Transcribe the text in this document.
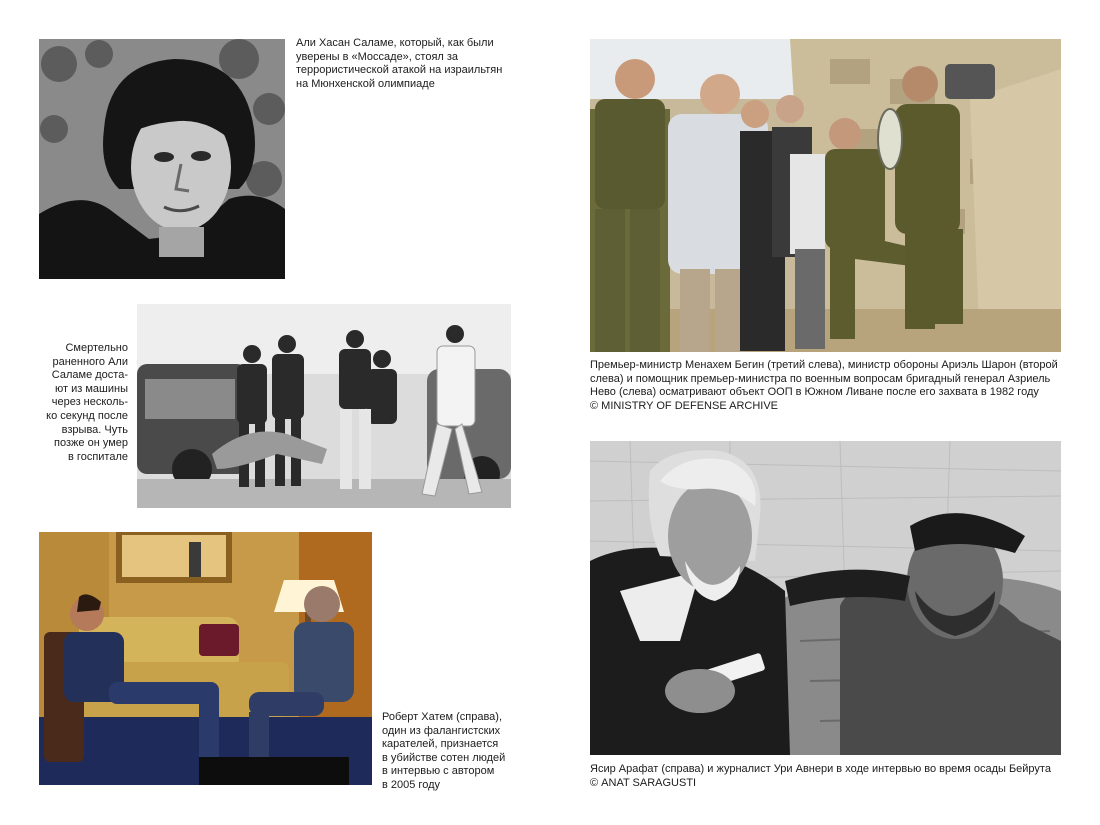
Али Хасан Саламе, который, как были
уверены в «Моссаде», стоял за
террористической атакой на израильтян
на Мюнхенской олимпиаде
Смертельно
раненного Али
Саламе доста-
ют из машины
через несколь-
ко секунд после
взрыва. Чуть
позже он умер
в госпитале
Роберт Хатем (справа),
один из фалангистских
карателей, признается
в убийстве сотен людей
в интервью с автором
в 2005 году
Премьер-министр Менахем Бегин (третий слева), министр обороны Ариэль Шарон (второй
слева) и помощник премьер-министра по военным вопросам бригадный генерал Азриель
Нево (слева) осматривают объект ООП в Южном Ливане после его захвата в 1982 году
© MINISTRY OF DEFENSE ARCHIVE
Ясир Арафат (справа) и журналист Ури Авнери в ходе интервью во время осады Бейрута
© ANAT SARAGUSTI
